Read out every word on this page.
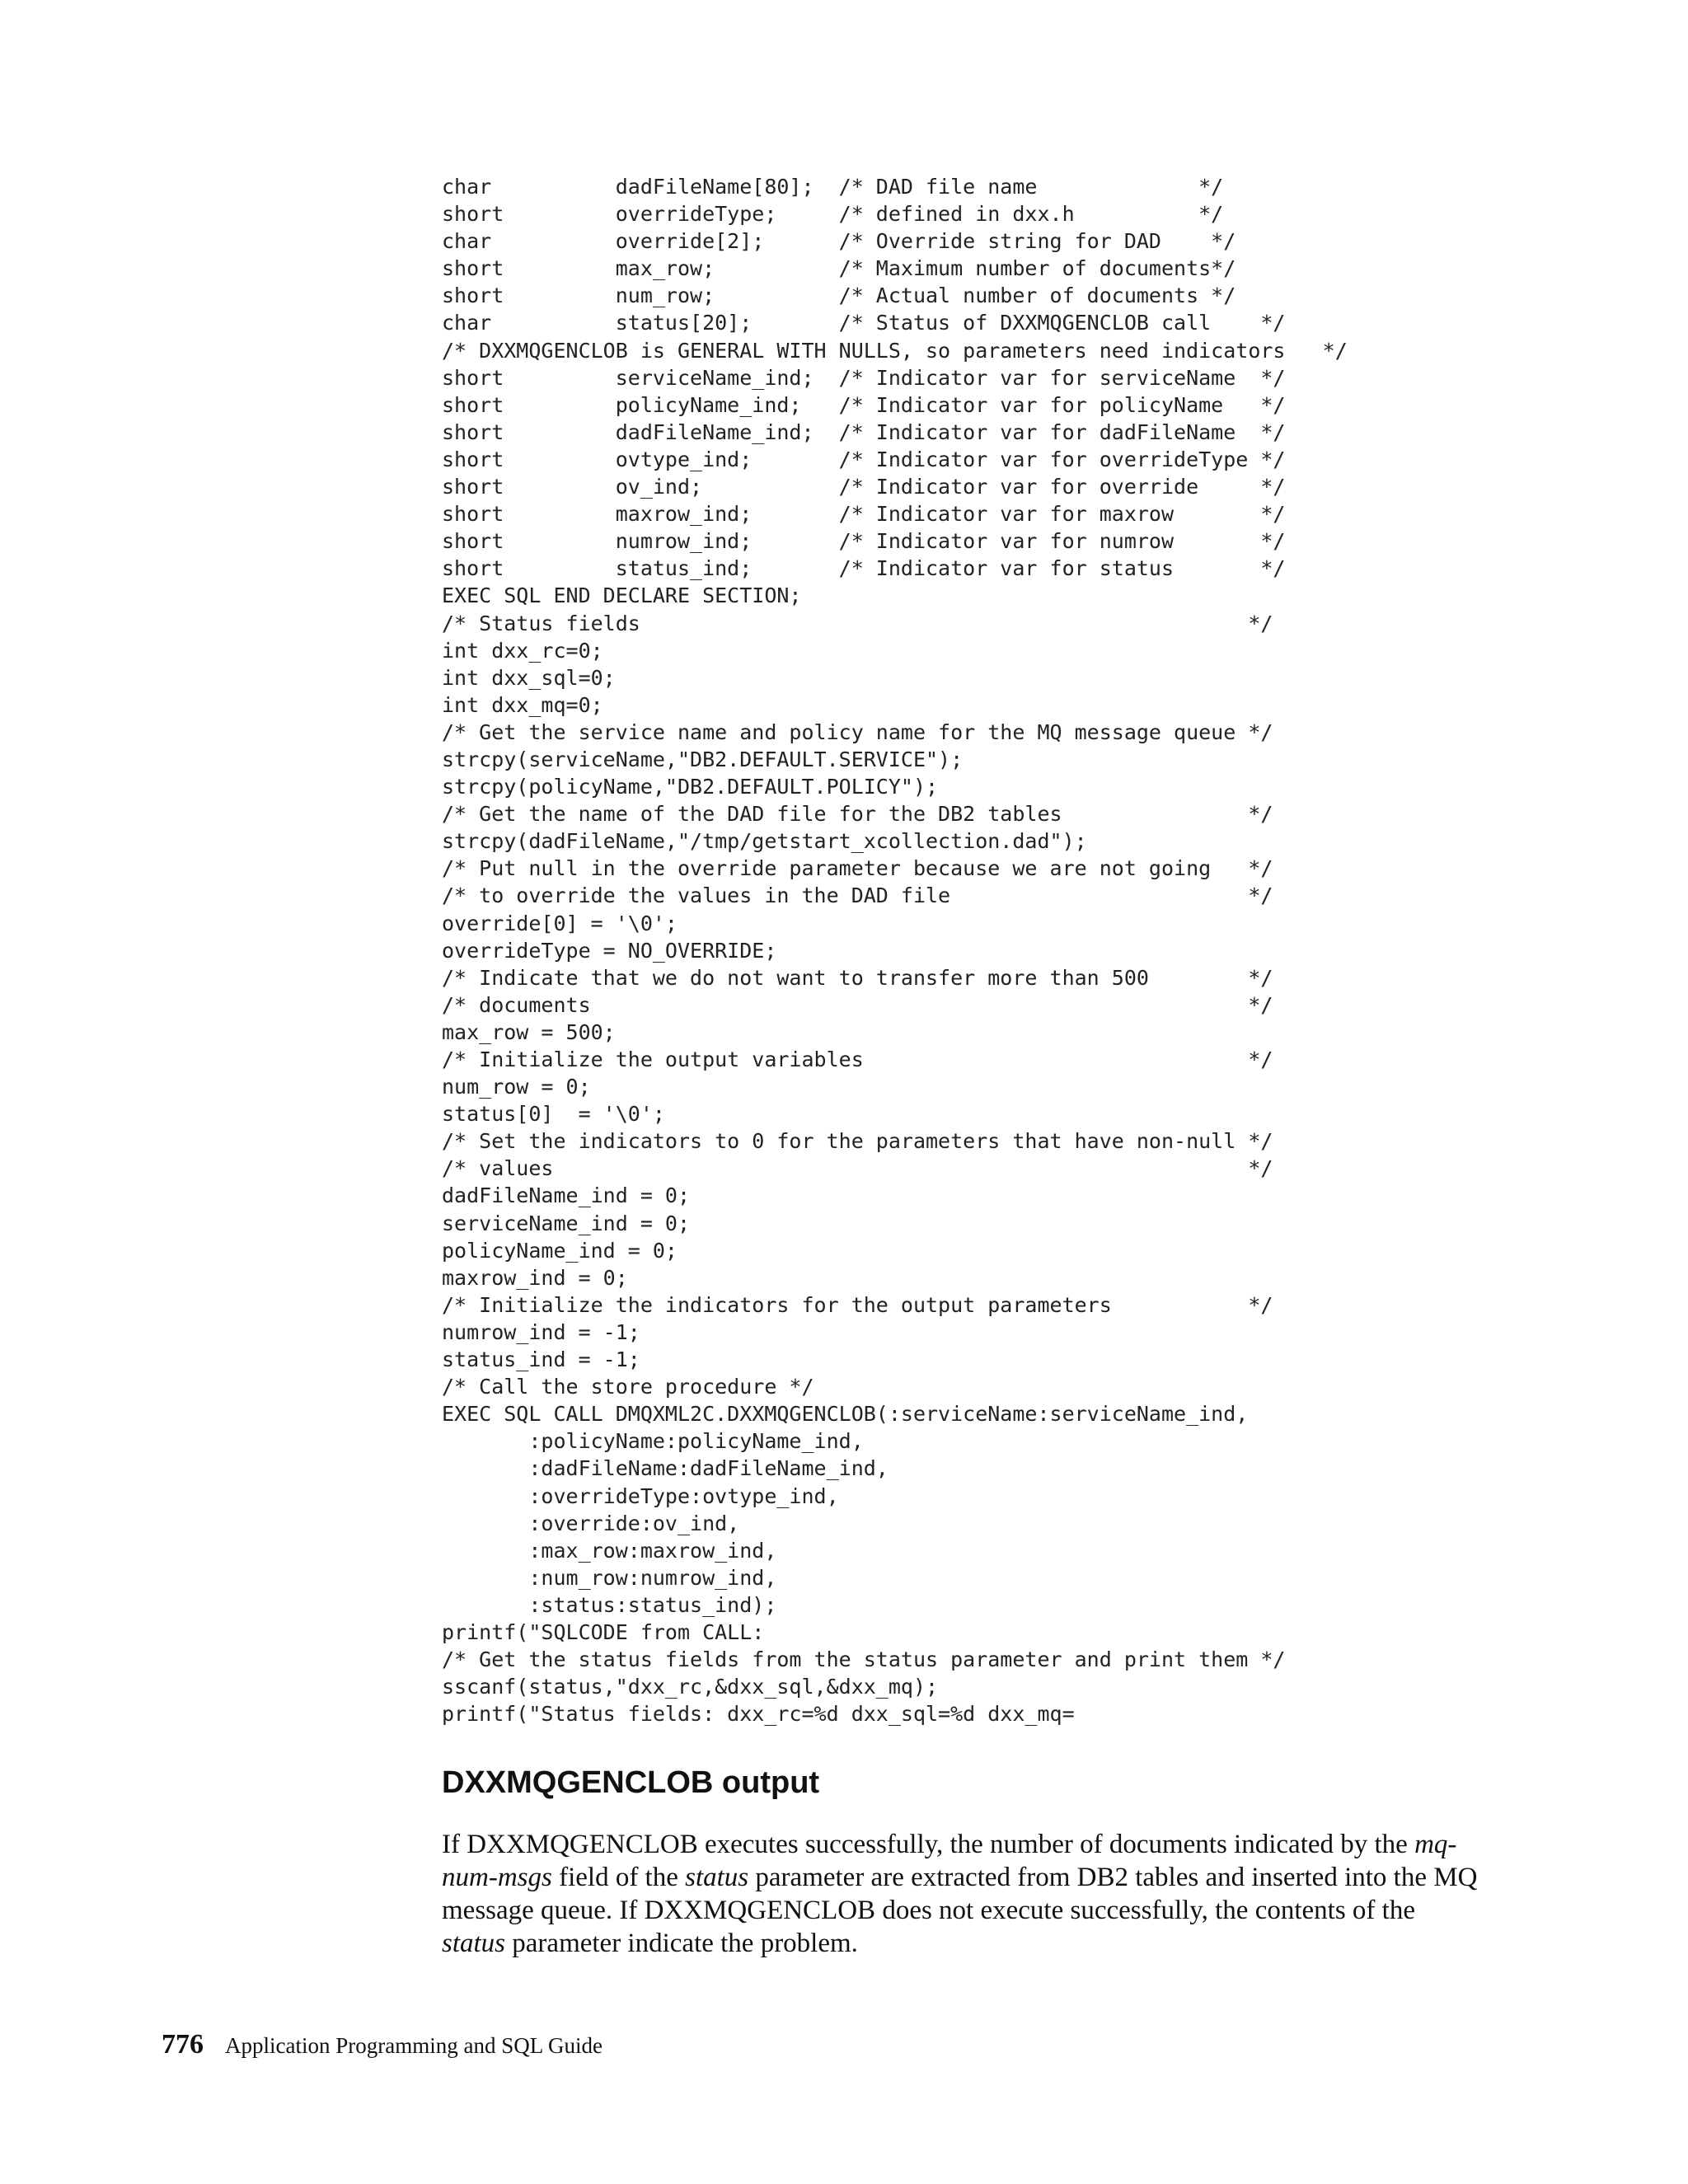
char          dadFileName[80];  /* DAD file name             */
short         overrideType;     /* defined in dxx.h          */
char          override[2];      /* Override string for DAD    */
short         max_row;          /* Maximum number of documents*/
short         num_row;          /* Actual number of documents */
char          status[20];       /* Status of DXXMQGENCLOB call    */
/* DXXMQGENCLOB is GENERAL WITH NULLS, so parameters need indicators   */
short         serviceName_ind;  /* Indicator var for serviceName  */
short         policyName_ind;   /* Indicator var for policyName   */
short         dadFileName_ind;  /* Indicator var for dadFileName  */
short         ovtype_ind;       /* Indicator var for overrideType */
short         ov_ind;           /* Indicator var for override     */
short         maxrow_ind;       /* Indicator var for maxrow       */
short         numrow_ind;       /* Indicator var for numrow       */
short         status_ind;       /* Indicator var for status       */
EXEC SQL END DECLARE SECTION;
/* Status fields                                                 */
int dxx_rc=0;
int dxx_sql=0;
int dxx_mq=0;
/* Get the service name and policy name for the MQ message queue */
strcpy(serviceName,"DB2.DEFAULT.SERVICE");
strcpy(policyName,"DB2.DEFAULT.POLICY");
/* Get the name of the DAD file for the DB2 tables               */
strcpy(dadFileName,"/tmp/getstart_xcollection.dad");
/* Put null in the override parameter because we are not going   */
/* to override the values in the DAD file                        */
override[0] = '\0';
overrideType = NO_OVERRIDE;
/* Indicate that we do not want to transfer more than 500        */
/* documents                                                     */
max_row = 500;
/* Initialize the output variables                               */
num_row = 0;
status[0]  = '\0';
/* Set the indicators to 0 for the parameters that have non-null */
/* values                                                        */
dadFileName_ind = 0;
serviceName_ind = 0;
policyName_ind = 0;
maxrow_ind = 0;
/* Initialize the indicators for the output parameters           */
numrow_ind = -1;
status_ind = -1;
/* Call the store procedure */
EXEC SQL CALL DMQXML2C.DXXMQGENCLOB(:serviceName:serviceName_ind,
:policyName:policyName_ind,
:dadFileName:dadFileName_ind,
:overrideType:ovtype_ind,
:override:ov_ind,
:max_row:maxrow_ind,
:num_row:numrow_ind,
:status:status_ind);
printf("SQLCODE from CALL:
/* Get the status fields from the status parameter and print them */
sscanf(status,"dxx_rc,&dxx_sql,&dxx_mq);
printf("Status fields: dxx_rc=%d dxx_sql=%d dxx_mq=
DXXMQGENCLOB output

If DXXMQGENCLOB executes successfully, the number of documents indicated by the mq-num-msgs field of the status parameter are extracted from DB2 tables and inserted into the MQ message queue. If DXXMQGENCLOB does not execute successfully, the contents of the status parameter indicate the problem.

776 Application Programming and SQL Guide
